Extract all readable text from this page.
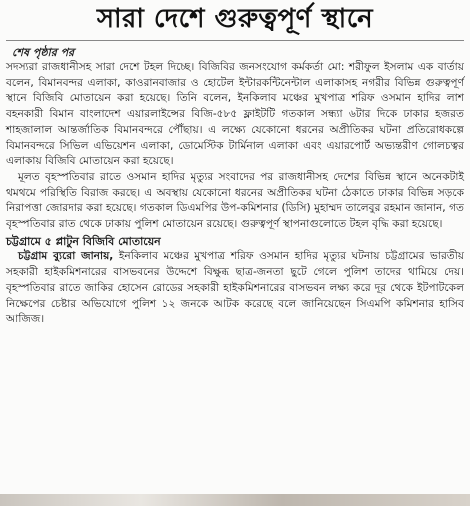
সারা দেশে গুরুত্বপূর্ণ স্থানে
শেষ পৃষ্ঠার পর

সদস্যরা রাজধানীসহ সারা দেশে টহল দিচ্ছে। বিজিবির জনসংযোগ কর্মকর্তা মো: শরীফুল ইসলাম এক বার্তায় বলেন, বিমানবন্দর এলাকা, কাওরানবাজার ও হোটেল ইন্টারকন্টিনেন্টাল এলাকাসহ নগরীর বিভিন্ন গুরুত্বপূর্ণ স্থানে বিজিবি মোতায়েন করা হয়েছে। তিনি বলেন, ইনকিলাব মঞ্চের মুখপাত্র শরিফ ওসমান হাদির লাশ বহনকারী বিমান বাংলাদেশ এয়ারলাইন্সের বিজি-৫৮৫ ফ্লাইটটি গতকাল সন্ধ্যা ৬টার দিকে ঢাকার হজরত শাহজালাল আন্তর্জাতিক বিমানবন্দরে পৌঁছায়। এ লক্ষ্যে যেকোনো ধরনের অপ্রীতিকর ঘটনা প্রতিরোধকল্পে বিমানবন্দরে সিভিল এভিয়েশন এলাকা, ডোমেস্টিক টার্মিনাল এলাকা এবং এয়ারপোর্ট অভ্যন্তরীণ গোলচত্বর এলাকায় বিজিবি মোতায়েন করা হয়েছে।

মূলত বৃহস্পতিবার রাতে ওসমান হাদির মৃত্যুর সংবাদের পর রাজধানীসহ দেশের বিভিন্ন স্থানে অনেকটাই থমথমে পরিস্থিতি বিরাজ করছে। এ অবস্থায় যেকোনো ধরনের অপ্রীতিকর ঘটনা ঠেকাতে ঢাকার বিভিন্ন সড়কে নিরাপত্তা জোরদার করা হয়েছে। গতকাল ডিএমপির উপ-কমিশনার (ডিসি) মুহাম্মদ তালেবুর রহমান জানান, গত বৃহস্পতিবার রাত থেকে ঢাকায় পুলিশ মোতায়েন রয়েছে। গুরুত্বপূর্ণ স্থাপনাগুলোতে টহল বৃদ্ধি করা হয়েছে।

চট্টগ্রামে ৫ প্লাটুন বিজিবি মোতায়েন

চট্টগ্রাম ব্যুরো জানায়, ইনকিলাব মঞ্চের মুখপাত্র শরিফ ওসমান হাদির মৃত্যুর ঘটনায় চট্টগ্রামের ভারতীয় সহকারী হাইকমিশনারের বাসভবনের উদ্দেশে বিক্ষুব্ধ ছাত্র-জনতা ছুটে গেলে পুলিশ তাদের থামিয়ে দেয়। বৃহস্পতিবার রাতে জাকির হোসেন রোডের সহকারী হাইকমিশনারের বাসভবন লক্ষ্য করে দূর থেকে ইটপাটকেল নিক্ষেপের চেষ্টার অভিযোগে পুলিশ ১২ জনকে আটক করেছে বলে জানিয়েছেন সিএমপি কমিশনার হাসিব আজিজ।
